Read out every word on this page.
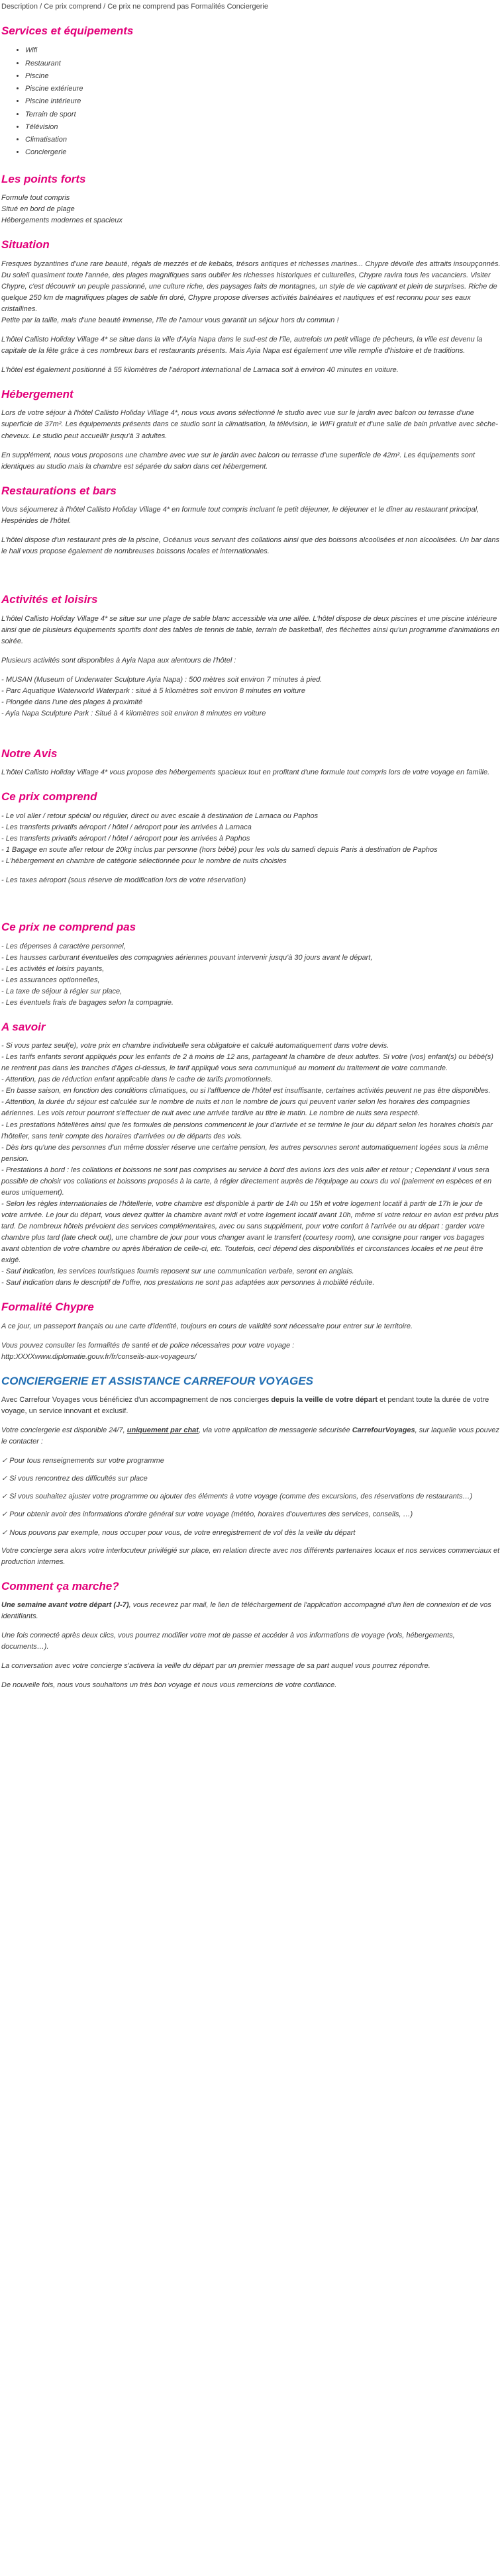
Description / Ce prix comprend / Ce prix ne comprend pas Formalités Conciergerie
Services et équipements
• Wifi
• Restaurant
• Piscine
• Piscine extérieure
• Piscine intérieure
• Terrain de sport
• Télévision
• Climatisation
• Conciergerie
Les points forts
Formule tout compris
Situé en bord de plage
Hébergements modernes et spacieux
Situation

Fresques byzantines d'une rare beauté, régals de mezzés et de kebabs, trésors antiques et richesses marines... Chypre dévoile des attraits insoupçonnés. Du soleil quasiment toute l'année, des plages magnifiques sans oublier les richesses historiques et culturelles, Chypre ravira tous les vacanciers. Visiter Chypre, c'est découvrir un peuple passionné, une culture riche, des paysages faits de montagnes, un style de vie captivant et plein de surprises. Riche de quelque 250 km de magnifiques plages de sable fin doré, Chypre propose diverses activités balnéaires et nautiques et est reconnu pour ses eaux cristallines.

Petite par la taille, mais d'une beauté immense, l'île de l'amour vous garantit un séjour hors du commun !

L'hôtel Callisto Holiday Village 4* se situe dans la ville d'Ayia Napa dans le sud-est de l'île, autrefois un petit village de pêcheurs, la ville est devenu la capitale de la fête grâce à ces nombreux bars et restaurants présents. Mais Ayia Napa est également une ville remplie d'histoire et de traditions.

L'hôtel est également positionné à 55 kilomètres de l'aéroport international de Larnaca soit à environ 40 minutes en voiture.

Hébergement

Lors de votre séjour à l'hôtel Callisto Holiday Village 4*, nous vous avons sélectionné le studio avec vue sur le jardin avec balcon ou terrasse d'une superficie de 37m². Les équipements présents dans ce studio sont la climatisation, la télévision, le WIFI gratuit et d'une salle de bain privative avec sèche-cheveux. Le studio peut accueillir jusqu'à 3 adultes.

En supplément, nous vous proposons une chambre avec vue sur le jardin avec balcon ou terrasse d'une superficie de 42m². Les équipements sont identiques au studio mais la chambre est séparée du salon dans cet hébergement.

Restaurations et bars

Vous séjournerez à l'hôtel Callisto Holiday Village 4* en formule tout compris incluant le petit déjeuner, le déjeuner et le dîner au restaurant principal, Hespérides de l'hôtel.

L'hôtel dispose d'un restaurant près de la piscine, Océanus vous servant des collations ainsi que des boissons alcoolisées et non alcoolisées. Un bar dans le hall vous propose également de nombreuses boissons locales et internationales.

Activités et loisirs

L'hôtel Callisto Holiday Village 4* se situe sur une plage de sable blanc accessible via une allée. L'hôtel dispose de deux piscines et une piscine intérieure ainsi que de plusieurs équipements sportifs dont des tables de tennis de table, terrain de basketball, des fléchettes ainsi qu'un programme d'animations en soirée.

Plusieurs activités sont disponibles à Ayia Napa aux alentours de l'hôtel :

- MUSAN (Museum of Underwater Sculpture Ayia Napa) : 500 mètres soit environ 7 minutes à pied.
- Parc Aquatique Waterworld Waterpark : situé à 5 kilomètres soit environ 8 minutes en voiture
- Plongée dans l'une des plages à proximité
- Ayia Napa Sculpture Park : Situé à 4 kilomètres soit environ 8 minutes en voiture
Notre Avis

L'hôtel Callisto Holiday Village 4* vous propose des hébergements spacieux tout en profitant d'une formule tout compris lors de votre voyage en famille.

Ce prix comprend
- Le vol aller / retour spécial ou régulier, direct ou avec escale à destination de Larnaca ou Paphos
- Les transferts privatifs aéroport / hôtel / aéroport pour les arrivées à Larnaca
- Les transferts privatifs aéroport / hôtel / aéroport pour les arrivées à Paphos
- 1 Bagage en soute aller retour de 20kg inclus par personne (hors bébé) pour les vols du samedi depuis Paris à destination de Paphos
- L'hébergement en chambre de catégorie sélectionnée pour le nombre de nuits choisies

- Les taxes aéroport (sous réserve de modification lors de votre réservation)

Ce prix ne comprend pas
- Les dépenses à caractère personnel,
- Les hausses carburant éventuelles des compagnies aériennes pouvant intervenir jusqu'à 30 jours avant le départ,
- Les activités et loisirs payants,
- Les assurances optionnelles,
- La taxe de séjour à régler sur place,
- Les éventuels frais de bagages selon la compagnie.
A savoir
- Si vous partez seul(e), votre prix en chambre individuelle sera obligatoire et calculé automatiquement dans votre devis.
- Les tarifs enfants seront appliqués pour les enfants de 2 à moins de 12 ans, partageant la chambre de deux adultes. Si votre (vos) enfant(s) ou bébé(s) ne rentrent pas dans les tranches d'âges ci-dessus, le tarif appliqué vous sera communiqué au moment du traitement de votre commande.
- Attention, pas de réduction enfant applicable dans le cadre de tarifs promotionnels.
- En basse saison, en fonction des conditions climatiques, ou si l'affluence de l'hôtel est insuffisante, certaines activités peuvent ne pas être disponibles.
- Attention, la durée du séjour est calculée sur le nombre de nuits et non le nombre de jours qui peuvent varier selon les horaires des compagnies aériennes. Les vols retour pourront s'effectuer de nuit avec une arrivée tardive au titre le matin. Le nombre de nuits sera respecté.
- Les prestations hôtelières ainsi que les formules de pensions commencent le jour d'arrivée et se termine le jour du départ selon les horaires choisis par l'hôtelier, sans tenir compte des horaires d'arrivées ou de départs des vols.
- Dès lors qu'une des personnes d'un même dossier réserve une certaine pension, les autres personnes seront automatiquement logées sous la même pension.
- Prestations à bord : les collations et boissons ne sont pas comprises au service à bord des avions lors des vols aller et retour ; Cependant il vous sera possible de choisir vos collations et boissons proposés à la carte, à régler directement auprès de l'équipage au cours du vol (paiement en espèces et en euros uniquement).
- Selon les règles internationales de l'hôtellerie, votre chambre est disponible à partir de 14h ou 15h et votre logement locatif à partir de 17h le jour de votre arrivée. Le jour du départ, vous devez quitter la chambre avant midi et votre logement locatif avant 10h, même si votre retour en avion est prévu plus tard. De nombreux hôtels prévoient des services complémentaires, avec ou sans supplément, pour votre confort à l'arrivée ou au départ : garder votre chambre plus tard (late check out), une chambre de jour pour vous changer avant le transfert (courtesy room), une consigne pour ranger vos bagages avant obtention de votre chambre ou après libération de celle-ci, etc. Toutefois, ceci dépend des disponibilités et circonstances locales et ne peut être exigé.
- Sauf indication, les services touristiques fournis reposent sur une communication verbale, seront en anglais.
- Sauf indication dans le descriptif de l'offre, nos prestations ne sont pas adaptées aux personnes à mobilité réduite.
Formalité Chypre

A ce jour, un passeport français ou une carte d'identité, toujours en cours de validité sont nécessaire pour entrer sur le territoire.

Vous pouvez consulter les formalités de santé et de police nécessaires pour votre voyage :

http:XXXXwww.diplomatie.gouv.fr/fr/conseils-aux-voyageurs/

CONCIERGERIE ET ASSISTANCE CARREFOUR VOYAGES

Avec Carrefour Voyages vous bénéficiez d'un accompagnement de nos concierges depuis la veille de votre départ et pendant toute la durée de votre voyage, un service innovant et exclusif.

Votre conciergerie est disponible 24/7, uniquement par chat, via votre application de messagerie sécurisée CarrefourVoyages, sur laquelle vous pouvez le contacter :

✓ Pour tous renseignements sur votre programme
✓ Si vous rencontrez des difficultés sur place
✓ Si vous souhaitez ajuster votre programme ou ajouter des éléments à votre voyage (comme des excursions, des réservations de restaurants…)
✓ Pour obtenir avoir des informations d'ordre général sur votre voyage (météo, horaires d'ouvertures des services, conseils, …)
✓ Nous pouvons par exemple, nous occuper pour vous, de votre enregistrement de vol dès la veille du départ

Votre concierge sera alors votre interlocuteur privilégié sur place, en relation directe avec nos différents partenaires locaux et nos services commerciaux et production internes.

Comment ça marche?

Une semaine avant votre départ (J-7), vous recevrez par mail, le lien de téléchargement de l'application accompagné d'un lien de connexion et de vos identifiants.

Une fois connecté après deux clics, vous pourrez modifier votre mot de passe et accéder à vos informations de voyage (vols, hébergements, documents…).

La conversation avec votre concierge s'activera la veille du départ par un premier message de sa part auquel vous pourrez répondre.

De nouvelle fois, nous vous souhaitons un très bon voyage et nous vous remercions de votre confiance.
